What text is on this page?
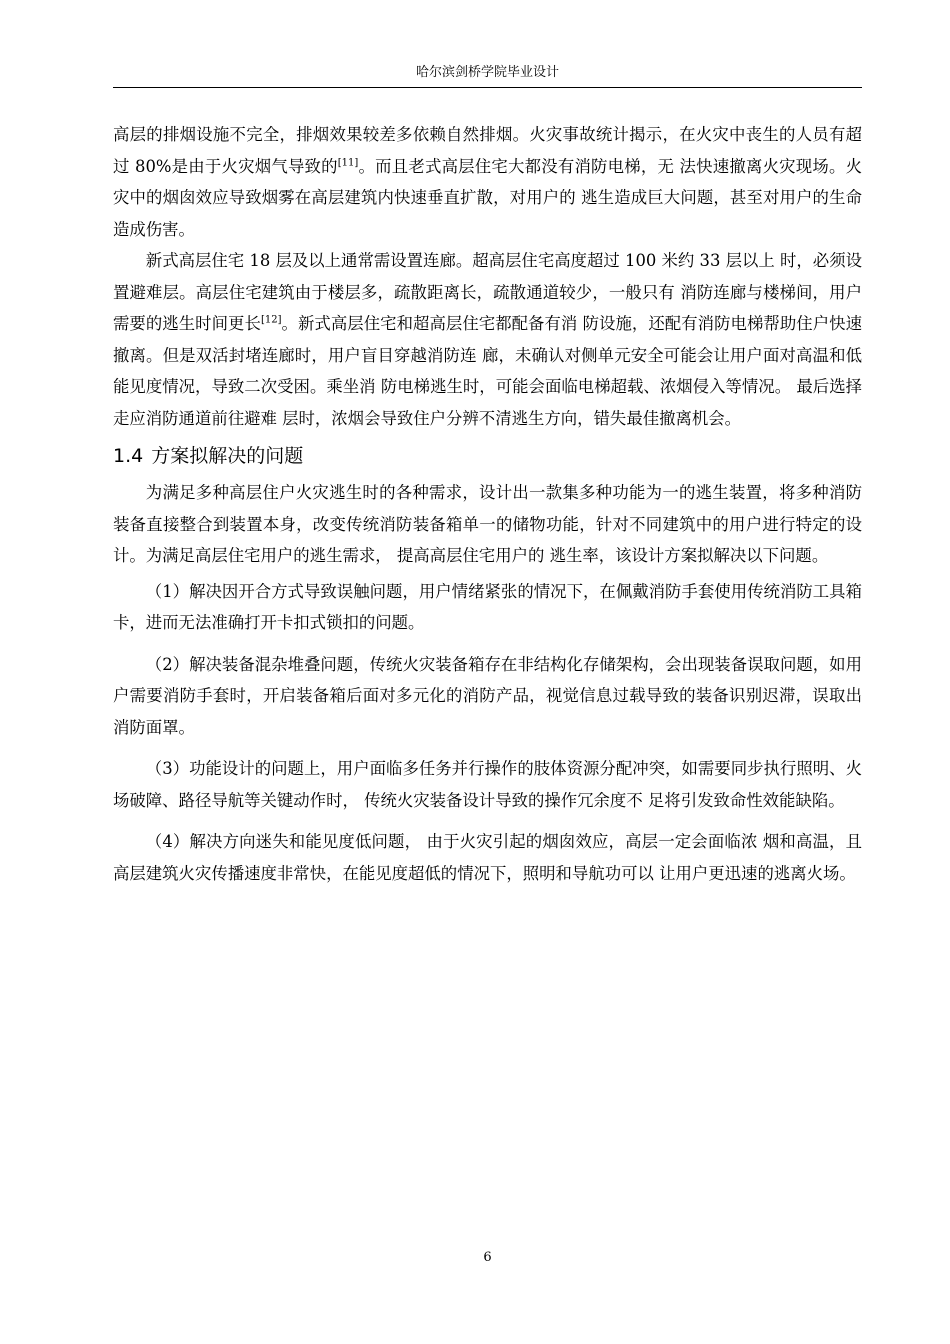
哈尔滨剑桥学院毕业设计

高层的排烟设施不完全，排烟效果较差多依赖自然排烟。火灾事故统计揭示，在火灾中丧生的人员有超过 80%是由于火灾烟气导致的[11]。而且老式高层住宅大都没有消防电梯，无 法快速撤离火灾现场。火灾中的烟囱效应导致烟雾在高层建筑内快速垂直扩散，对用户的 逃生造成巨大问题，甚至对用户的生命造成伤害。

新式高层住宅 18 层及以上通常需设置连廊。超高层住宅高度超过 100 米约 33 层以上 时，必须设置避难层。高层住宅建筑由于楼层多，疏散距离长，疏散通道较少，一般只有 消防连廊与楼梯间，用户需要的逃生时间更长[12]。新式高层住宅和超高层住宅都配备有消 防设施，还配有消防电梯帮助住户快速撤离。但是双活封堵连廊时，用户盲目穿越消防连 廊，未确认对侧单元安全可能会让用户面对高温和低能见度情况，导致二次受困。乘坐消 防电梯逃生时，可能会面临电梯超载、浓烟侵入等情况。 最后选择走应消防通道前往避难 层时，浓烟会导致住户分辨不清逃生方向，错失最佳撤离机会。

1.4 方案拟解决的问题

为满足多种高层住户火灾逃生时的各种需求，设计出一款集多种功能为一的逃生装置，将多种消防装备直接整合到装置本身，改变传统消防装备箱单一的储物功能，针对不同建筑中的用户进行特定的设计。为满足高层住宅用户的逃生需求， 提高高层住宅用户的 逃生率，该设计方案拟解决以下问题。

（1）解决因开合方式导致误触问题，用户情绪紧张的情况下，在佩戴消防手套使用传统消防工具箱卡，进而无法准确打开卡扣式锁扣的问题。

（2）解决装备混杂堆叠问题，传统火灾装备箱存在非结构化存储架构，会出现装备误取问题，如用户需要消防手套时，开启装备箱后面对多元化的消防产品，视觉信息过载导致的装备识别迟滞，误取出消防面罩。

（3）功能设计的问题上，用户面临多任务并行操作的肢体资源分配冲突，如需要同步执行照明、火场破障、路径导航等关键动作时， 传统火灾装备设计导致的操作冗余度不 足将引发致命性效能缺陷。

（4）解决方向迷失和能见度低问题， 由于火灾引起的烟囱效应，高层一定会面临浓 烟和高温，且高层建筑火灾传播速度非常快，在能见度超低的情况下，照明和导航功可以 让用户更迅速的逃离火场。

6
